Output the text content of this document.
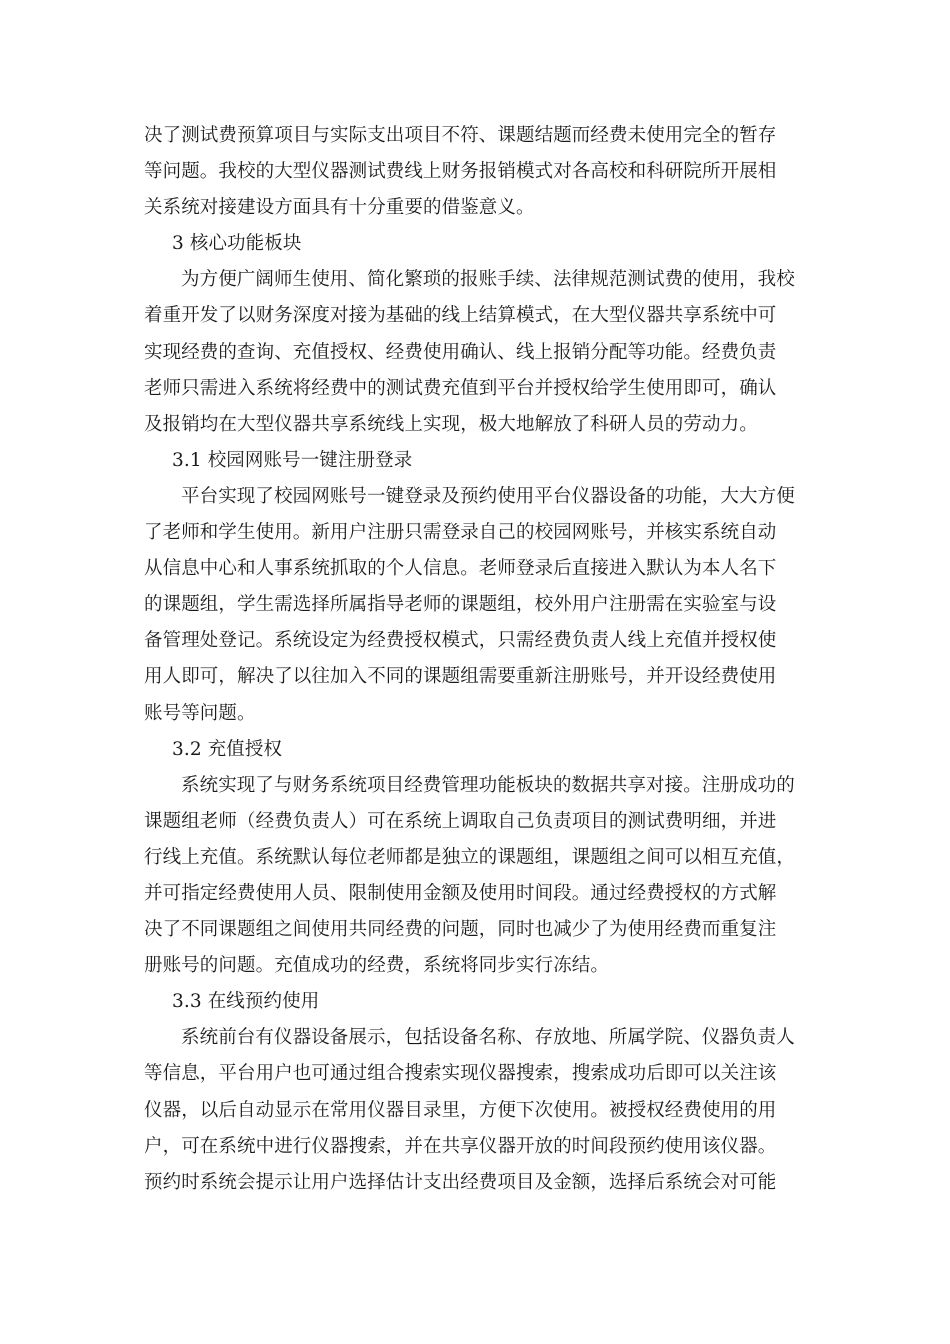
决了测试费预算项目与实际支出项目不符、课题结题而经费未使用完全的暂存
等问题。我校的大型仪器测试费线上财务报销模式对各高校和科研院所开展相
关系统对接建设方面具有十分重要的借鉴意义。

3 核心功能板块

为方便广阔师生使用、简化繁琐的报账手续、法律规范测试费的使用，我校
着重开发了以财务深度对接为基础的线上结算模式，在大型仪器共享系统中可
实现经费的查询、充值授权、经费使用确认、线上报销分配等功能。经费负责
老师只需进入系统将经费中的测试费充值到平台并授权给学生使用即可，确认
及报销均在大型仪器共享系统线上实现，极大地解放了科研人员的劳动力。

3.1 校园网账号一键注册登录

平台实现了校园网账号一键登录及预约使用平台仪器设备的功能，大大方便
了老师和学生使用。新用户注册只需登录自己的校园网账号，并核实系统自动
从信息中心和人事系统抓取的个人信息。老师登录后直接进入默认为本人名下
的课题组，学生需选择所属指导老师的课题组，校外用户注册需在实验室与设
备管理处登记。系统设定为经费授权模式，只需经费负责人线上充值并授权使
用人即可，解决了以往加入不同的课题组需要重新注册账号，并开设经费使用
账号等问题。

3.2 充值授权

系统实现了与财务系统项目经费管理功能板块的数据共享对接。注册成功的
课题组老师（经费负责人）可在系统上调取自己负责项目的测试费明细，并进
行线上充值。系统默认每位老师都是独立的课题组，课题组之间可以相互充值，
并可指定经费使用人员、限制使用金额及使用时间段。通过经费授权的方式解
决了不同课题组之间使用共同经费的问题，同时也减少了为使用经费而重复注
册账号的问题。充值成功的经费，系统将同步实行冻结。

3.3 在线预约使用

系统前台有仪器设备展示，包括设备名称、存放地、所属学院、仪器负责人
等信息，平台用户也可通过组合搜索实现仪器搜索，搜索成功后即可以关注该
仪器，以后自动显示在常用仪器目录里，方便下次使用。被授权经费使用的用
户，可在系统中进行仪器搜索，并在共享仪器开放的时间段预约使用该仪器。
预约时系统会提示让用户选择估计支出经费项目及金额，选择后系统会对可能
